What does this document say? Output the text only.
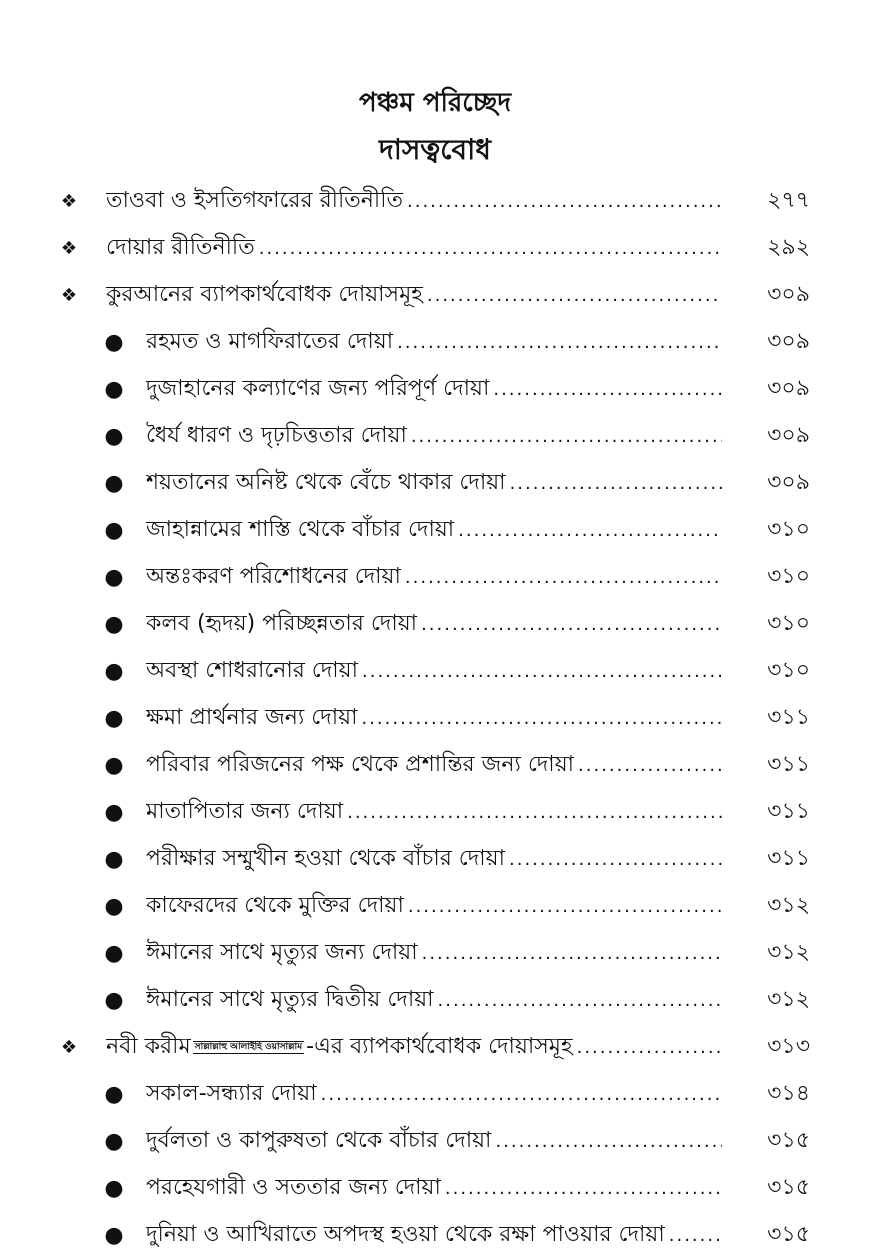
পঞ্চম পরিচ্ছেদ
দাসত্ববোধ
❖ তাওবা ও ইসতিগফারের রীতিনীতি .....	২৭৭
❖ দোয়ার রীতিনীতি .....	২৯২
❖ কুরআনের ব্যাপকার্থবোধক দোয়াসমূহ .....	৩০৯
● রহমত ও মাগফিরাতের দোয়া .....	৩০৯
● দুজাহানের কল্যাণের জন্য পরিপূর্ণ দোয়া .....	৩০৯
● ধৈর্য ধারণ ও দৃঢ়চিত্ততার দোয়া .....	৩০৯
● শয়তানের অনিষ্ট থেকে বেঁচে থাকার দোয়া .....	৩০৯
● জাহান্নামের শাস্তি থেকে বাঁচার দোয়া .....	৩১০
● অন্তঃকরণ পরিশোধনের দোয়া .....	৩১০
● কলব (হৃদয়) পরিচ্ছন্নতার দোয়া .....	৩১০
● অবস্থা শোধরানোর দোয়া .....	৩১০
● ক্ষমা প্রার্থনার জন্য দোয়া .....	৩১১
● পরিবার পরিজনের পক্ষ থেকে প্রশান্তির জন্য দোয়া .....	৩১১
● মাতাপিতার জন্য দোয়া .....	৩১১
● পরীক্ষার সম্মুখীন হওয়া থেকে বাঁচার দোয়া .....	৩১১
● কাফেরদের থেকে মুক্তির দোয়া .....	৩১২
● ঈমানের সাথে মৃত্যুর জন্য দোয়া .....	৩১২
● ঈমানের সাথে মৃত্যুর দ্বিতীয় দোয়া .....	৩১২
❖ নবী করীম সাল্লাল্লাহু আলাইহি ওয়াসাল্লাম -এর ব্যাপকার্থবোধক দোয়াসমূহ .....	৩১৩
● সকাল-সন্ধ্যার দোয়া .....	৩১৪
● দুর্বলতা ও কাপুরুষতা থেকে বাঁচার দোয়া .....	৩১৫
● পরহেযগারী ও সততার জন্য দোয়া .....	৩১৫
● দুনিয়া ও আখিরাতে অপদস্থ হওয়া থেকে রক্ষা পাওয়ার দোয়া .....	৩১৫
